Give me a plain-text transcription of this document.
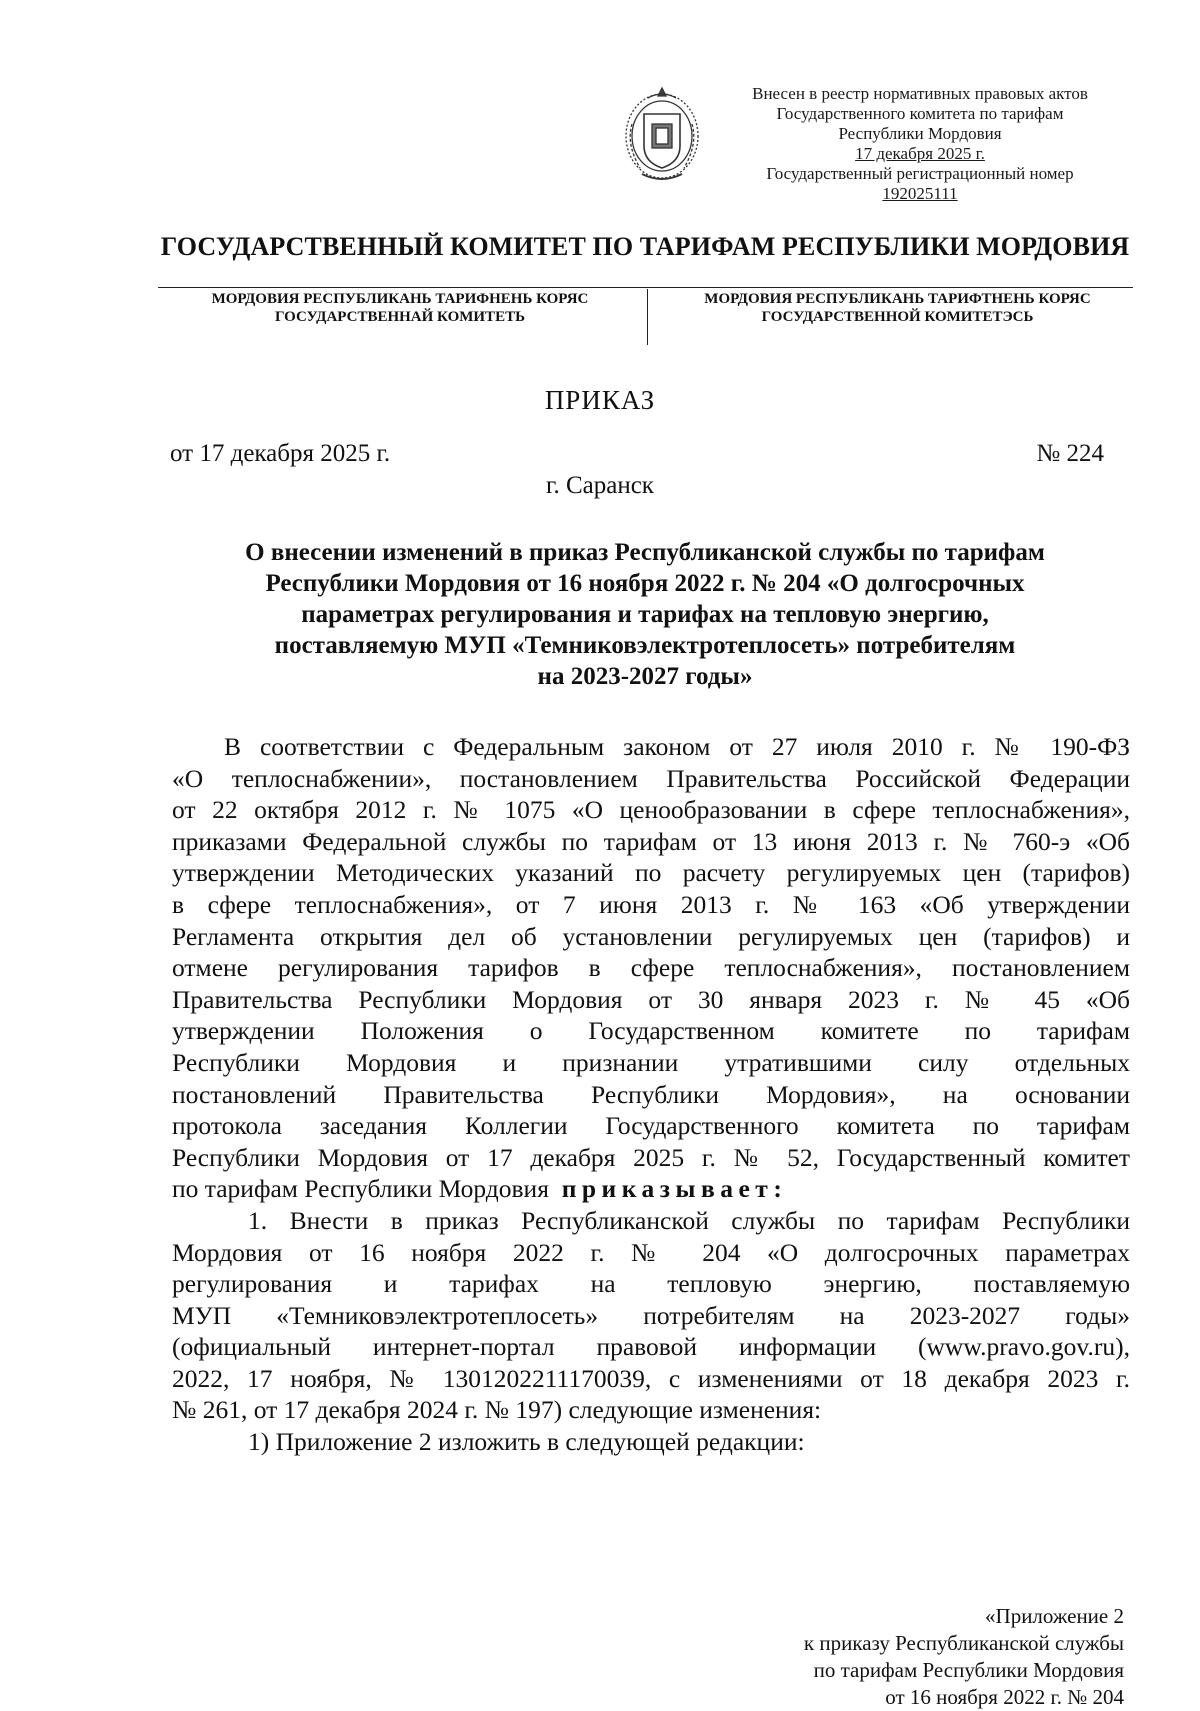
Внесен в реестр нормативных правовых актов
Государственного комитета по тарифам
Республики Мордовия
17 декабря 2025 г.
Государственный регистрационный номер
192025111
ГОСУДАРСТВЕННЫЙ КОМИТЕТ ПО ТАРИФАМ РЕСПУБЛИКИ МОРДОВИЯ
МОРДОВИЯ РЕСПУБЛИКАНЬ ТАРИФНЕНЬ КОРЯС
ГОСУДАРСТВЕННАЙ КОМИТЕТЬ
МОРДОВИЯ РЕСПУБЛИКАНЬ ТАРИФТНЕНЬ КОРЯС
ГОСУДАРСТВЕННОЙ КОМИТЕТЭСЬ
ПРИКАЗ
от 17 декабря 2025 г.	№ 224
г. Саранск
О внесении изменений в приказ Республиканской службы по тарифам
Республики Мордовия от 16 ноября 2022 г. № 204 «О долгосрочных
параметрах регулирования и тарифах на тепловую энергию,
поставляемую МУП «Темниковэлектротеплосеть» потребителям
на 2023-2027 годы»
В соответствии с Федеральным законом от 27 июля 2010 г. № 190-ФЗ
«О теплоснабжении», постановлением Правительства Российской Федерации
от 22 октября 2012 г. № 1075 «О ценообразовании в сфере теплоснабжения»,
приказами Федеральной службы по тарифам от 13 июня 2013 г. № 760-э «Об
утверждении Методических указаний по расчету регулируемых цен (тарифов)
в сфере теплоснабжения», от 7 июня 2013 г. № 163 «Об утверждении
Регламента открытия дел об установлении регулируемых цен (тарифов) и
отмене регулирования тарифов в сфере теплоснабжения», постановлением
Правительства Республики Мордовия от 30 января 2023 г. № 45 «Об
утверждении Положения о Государственном комитете по тарифам
Республики Мордовия и признании утратившими силу отдельных
постановлений Правительства Республики Мордовия», на основании
протокола заседания Коллегии Государственного комитета по тарифам
Республики Мордовия от 17 декабря 2025 г. № 52, Государственный комитет
по тарифам Республики Мордовия приказывает:
1. Внести в приказ Республиканской службы по тарифам Республики
Мордовия от 16 ноября 2022 г. № 204 «О долгосрочных параметрах
регулирования и тарифах на тепловую энергию, поставляемую
МУП «Темниковэлектротеплосеть» потребителям на 2023-2027 годы»
(официальный интернет-портал правовой информации (www.pravo.gov.ru),
2022, 17 ноября, № 1301202211170039, с изменениями от 18 декабря 2023 г.
№ 261, от 17 декабря 2024 г. № 197) следующие изменения:
1) Приложение 2 изложить в следующей редакции:
«Приложение 2
к приказу Республиканской службы
по тарифам Республики Мордовия
от 16 ноября 2022 г. № 204
